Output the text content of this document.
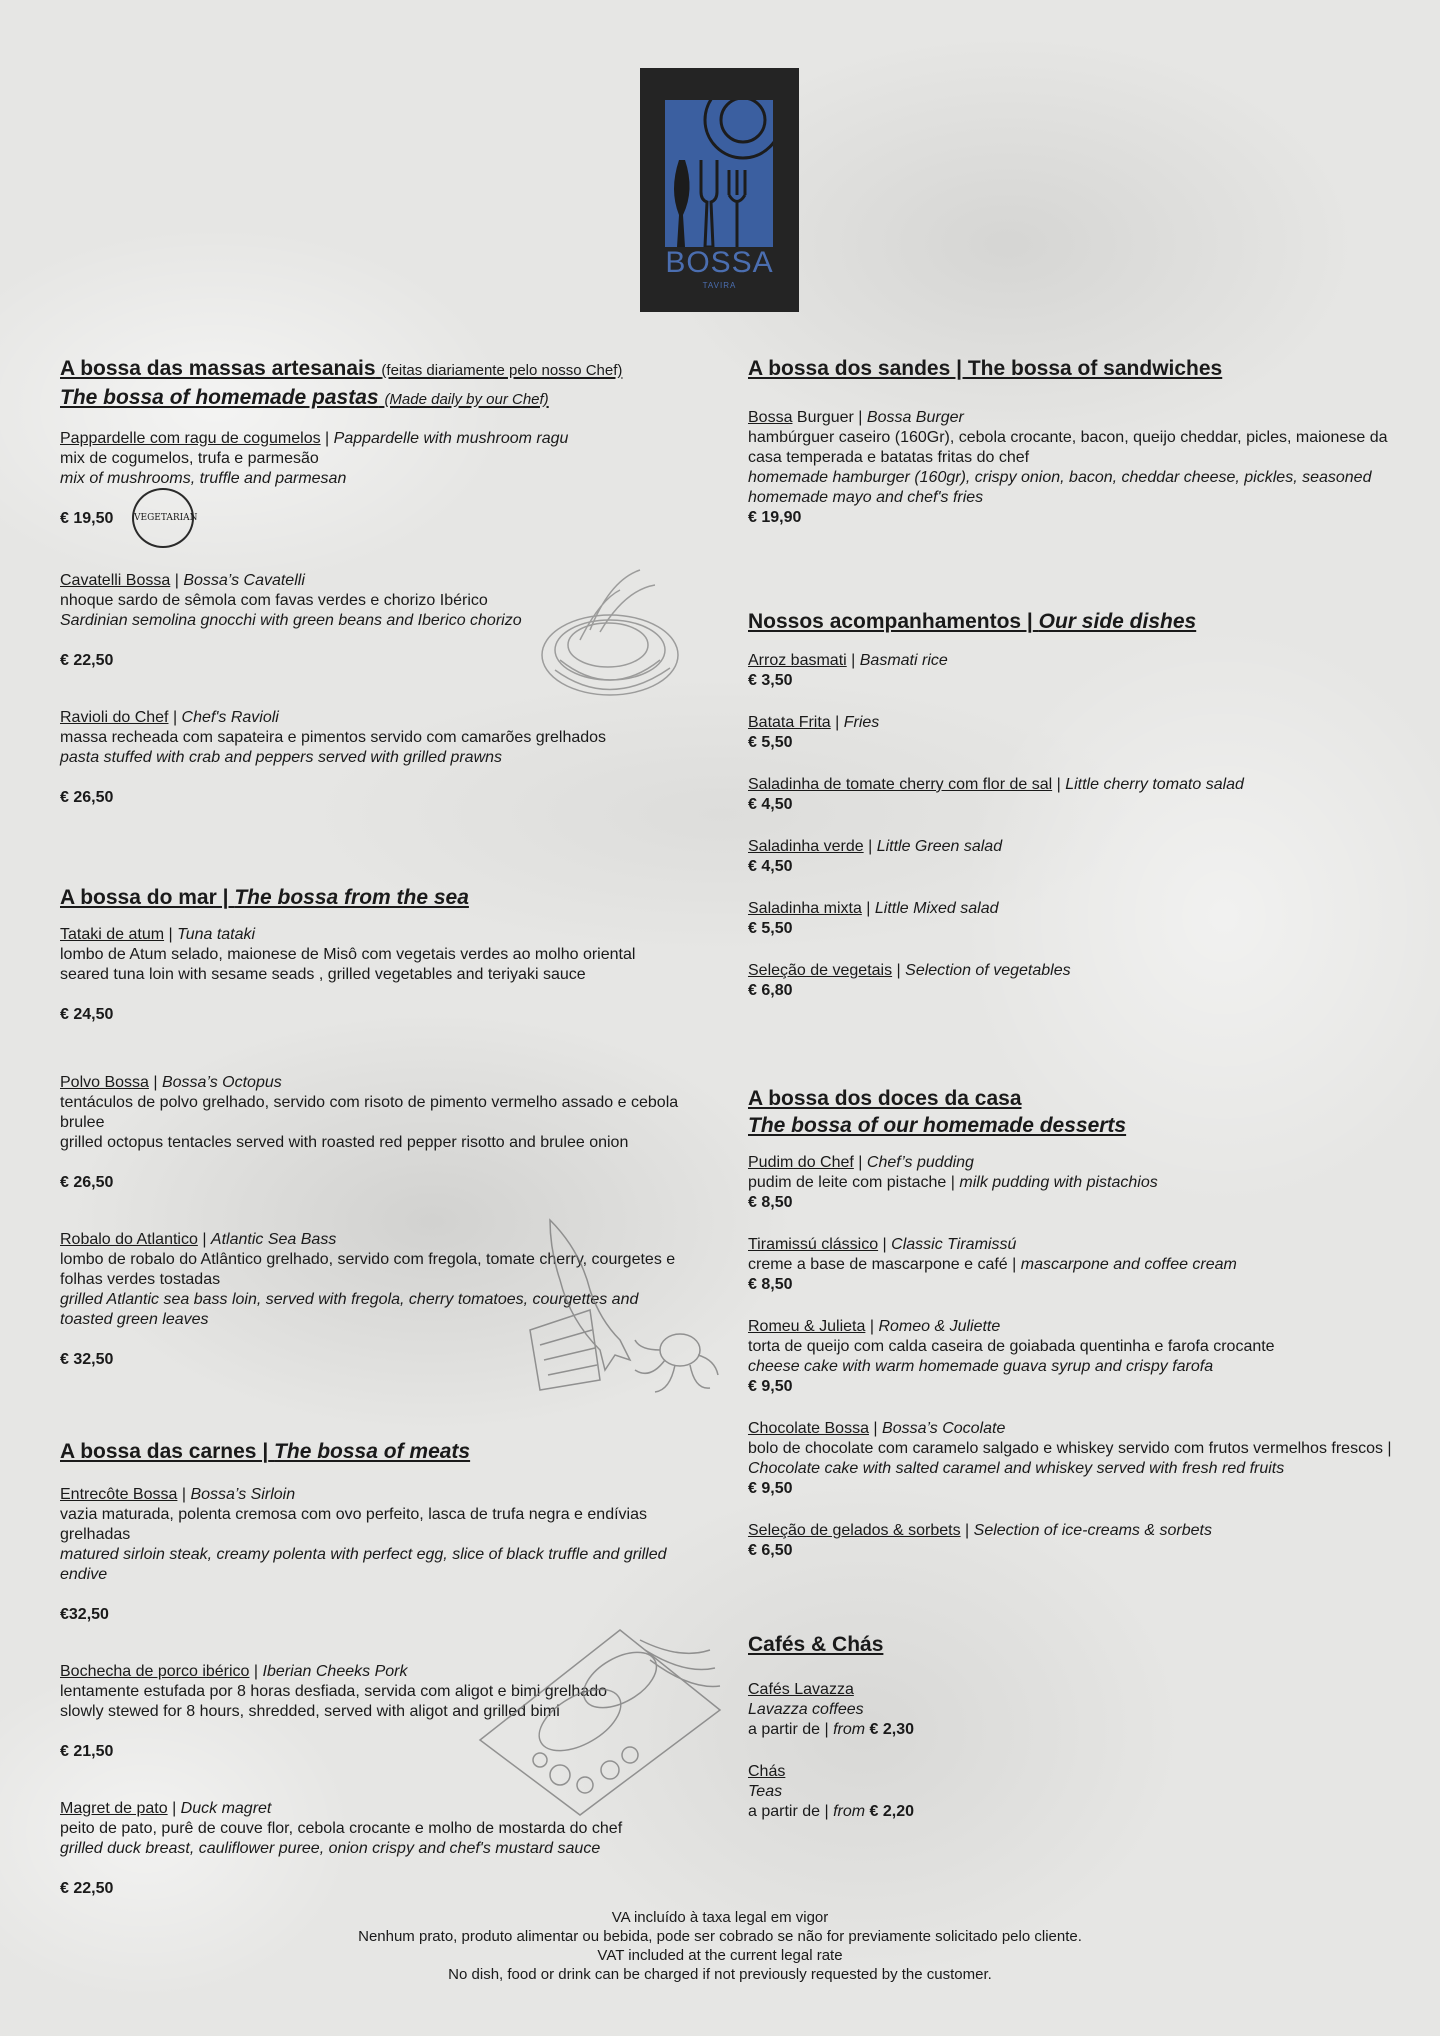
BOSSA
TAVIRA
A bossa das massas artesanais (feitas diariamente pelo nosso Chef)
The bossa of homemade pastas (Made daily by our Chef)
Pappardelle com ragu de cogumelos | Pappardelle with mushroom ragu
mix de cogumelos, trufa e parmesão
mix of mushrooms, truffle and parmesan
€ 19,50
Cavatelli Bossa | Bossa’s Cavatelli
nhoque sardo de sêmola com favas verdes e chorizo Ibérico
Sardinian semolina gnocchi with green beans and Iberico chorizo
€ 22,50
Ravioli do Chef | Chef's Ravioli
massa recheada com sapateira e pimentos servido com camarões grelhados
pasta stuffed with crab and peppers served with grilled prawns
€ 26,50
A bossa do mar | The bossa from the sea
Tataki de atum | Tuna tataki
lombo de Atum selado, maionese de Misô com vegetais verdes ao molho oriental
seared tuna loin with sesame seads , grilled vegetables and teriyaki sauce
€ 24,50
Polvo Bossa | Bossa’s Octopus
tentáculos de polvo grelhado, servido com risoto de pimento vermelho assado e cebola brulee
grilled octopus tentacles served with roasted red pepper risotto and brulee onion
€ 26,50
Robalo do Atlantico | Atlantic Sea Bass
lombo de robalo do Atlântico grelhado, servido com fregola, tomate cherry, courgetes e folhas verdes tostadas
grilled Atlantic sea bass loin, served with fregola, cherry tomatoes, courgettes and toasted green leaves
€ 32,50
A bossa das carnes | The bossa of meats
Entrecôte Bossa | Bossa’s Sirloin
vazia maturada, polenta cremosa com ovo perfeito, lasca de trufa negra e endívias grelhadas
matured sirloin steak, creamy polenta with perfect egg, slice of black truffle and grilled endive
€32,50
Bochecha de porco ibérico | Iberian Cheeks Pork
lentamente estufada por 8 horas desfiada, servida com aligot e bimi grelhado
slowly stewed for 8 hours, shredded, served with aligot and grilled bimi
€ 21,50
Magret de pato | Duck magret
peito de pato, purê de couve flor, cebola crocante e molho de mostarda do chef
grilled duck breast, cauliflower puree, onion crispy and chef's mustard sauce
€ 22,50
VEGETARIAN
A bossa dos sandes | The bossa of sandwiches
Bossa Burguer | Bossa Burger
hambúrguer caseiro (160Gr), cebola crocante, bacon, queijo cheddar, picles, maionese da casa temperada e batatas fritas do chef
homemade hamburger (160gr), crispy onion, bacon, cheddar cheese, pickles, seasoned homemade mayo and chef's fries
€ 19,90
Nossos acompanhamentos | Our side dishes
Arroz basmati | Basmati rice
€ 3,50
Batata Frita | Fries
€ 5,50
Saladinha de tomate cherry com flor de sal | Little cherry tomato salad
€ 4,50
Saladinha verde | Little Green salad
€ 4,50
Saladinha mixta | Little Mixed salad
€ 5,50
Seleção de vegetais | Selection of vegetables
€ 6,80
A bossa dos doces da casa
The bossa of our homemade desserts
Pudim do Chef | Chef’s pudding
pudim de leite com pistache | milk pudding with pistachios
€ 8,50
Tiramissú clássico | Classic Tiramissú
creme a base de mascarpone e café | mascarpone and coffee cream
€ 8,50
Romeu & Julieta | Romeo & Juliette
torta de queijo com calda caseira de goiabada quentinha e farofa crocante
cheese cake with warm homemade guava syrup and crispy farofa
€ 9,50
Chocolate Bossa | Bossa’s Cocolate
bolo de chocolate com caramelo salgado e whiskey servido com frutos vermelhos frescos | Chocolate cake with salted caramel and whiskey served with fresh red fruits
€ 9,50
Seleção de gelados & sorbets | Selection of ice-creams & sorbets
€ 6,50
Cafés & Chás
Cafés Lavazza
Lavazza coffees
a partir de | from € 2,30
Chás
Teas
a partir de | from € 2,20
VA incluído à taxa legal em vigor
Nenhum prato, produto alimentar ou bebida, pode ser cobrado se não for previamente solicitado pelo cliente.
VAT included at the current legal rate
No dish, food or drink can be charged if not previously requested by the customer.
